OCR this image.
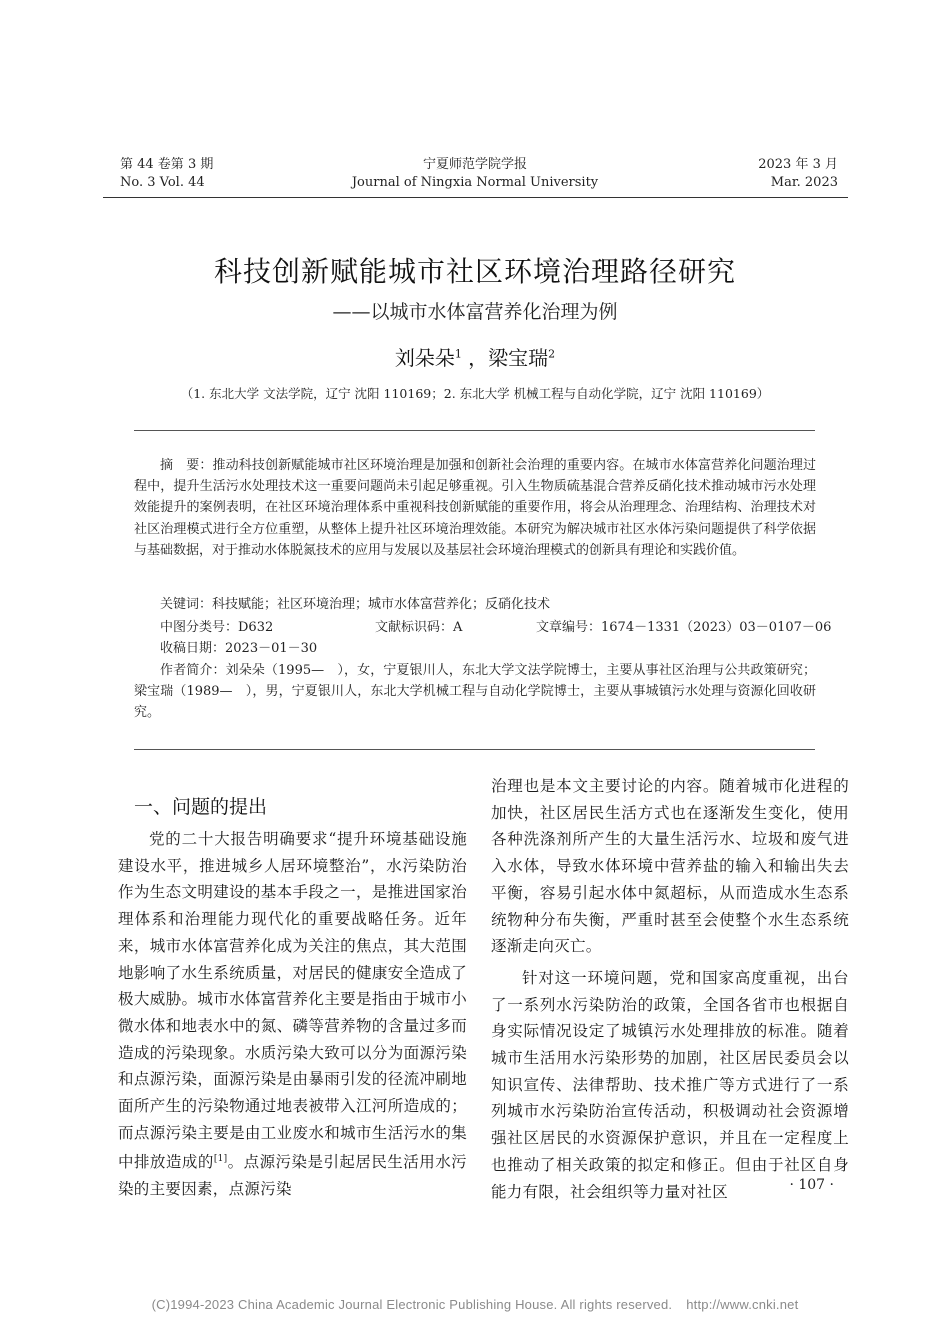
第 44 卷第 3 期
No. 3 Vol. 44
宁夏师范学院学报
Journal of Ningxia Normal University
2023 年 3 月
Mar. 2023
科技创新赋能城市社区环境治理路径研究
——以城市水体富营养化治理为例
刘朵朵$^1$ ，梁宝瑞$^2$
（1. 东北大学 文法学院，辽宁 沈阳 110169；2. 东北大学 机械工程与自动化学院，辽宁 沈阳 110169）
摘　要：推动科技创新赋能城市社区环境治理是加强和创新社会治理的重要内容。在城市水体富营养化问题治理过程中，提升生活污水处理技术这一重要问题尚未引起足够重视。引入生物质硫基混合营养反硝化技术推动城市污水处理效能提升的案例表明，在社区环境治理体系中重视科技创新赋能的重要作用，将会从治理理念、治理结构、治理技术对社区治理模式进行全方位重塑，从整体上提升社区环境治理效能。本研究为解决城市社区水体污染问题提供了科学依据与基础数据，对于推动水体脱氮技术的应用与发展以及基层社会环境治理模式的创新具有理论和实践价值。
关键词：科技赋能；社区环境治理；城市水体富营养化；反硝化技术
中图分类号：D632	文献标识码：A	文章编号：1674－1331（2023）03－0107－06
收稿日期：2023－01－30
作者简介：刘朵朵（1995—　），女，宁夏银川人，东北大学文法学院博士，主要从事社区治理与公共政策研究；梁宝瑞（1989—　），男，宁夏银川人，东北大学机械工程与自动化学院博士，主要从事城镇污水处理与资源化回收研究。
一、问题的提出

党的二十大报告明确要求“提升环境基础设施建设水平，推进城乡人居环境整治”，水污染防治作为生态文明建设的基本手段之一，是推进国家治理体系和治理能力现代化的重要战略任务。近年来，城市水体富营养化成为关注的焦点，其大范围地影响了水生系统质量，对居民的健康安全造成了极大威胁。城市水体富营养化主要是指由于城市小微水体和地表水中的氮、磷等营养物的含量过多而造成的污染现象。水质污染大致可以分为面源污染和点源污染，面源污染是由暴雨引发的径流冲刷地面所产生的污染物通过地表被带入江河所造成的；而点源污染主要是由工业废水和城市生活污水的集中排放造成的[1]。点源污染是引起居民生活用水污染的主要因素，点源污染

治理也是本文主要讨论的内容。随着城市化进程的加快，社区居民生活方式也在逐渐发生变化，使用各种洗涤剂所产生的大量生活污水、垃圾和废气进入水体，导致水体环境中营养盐的输入和输出失去平衡，容易引起水体中氮超标，从而造成水生态系统物种分布失衡，严重时甚至会使整个水生态系统逐渐走向灭亡。

针对这一环境问题，党和国家高度重视，出台了一系列水污染防治的政策，全国各省市也根据自身实际情况设定了城镇污水处理排放的标准。随着城市生活用水污染形势的加剧，社区居民委员会以知识宣传、法律帮助、技术推广等方式进行了一系列城市水污染防治宣传活动，积极调动社会资源增强社区居民的水资源保护意识，并且在一定程度上也推动了相关政策的拟定和修正。但由于社区自身能力有限，社会组织等力量对社区	· 107 ·
(C)1994-2023 China Academic Journal Electronic Publishing House. All rights reserved. http://www.cnki.net
